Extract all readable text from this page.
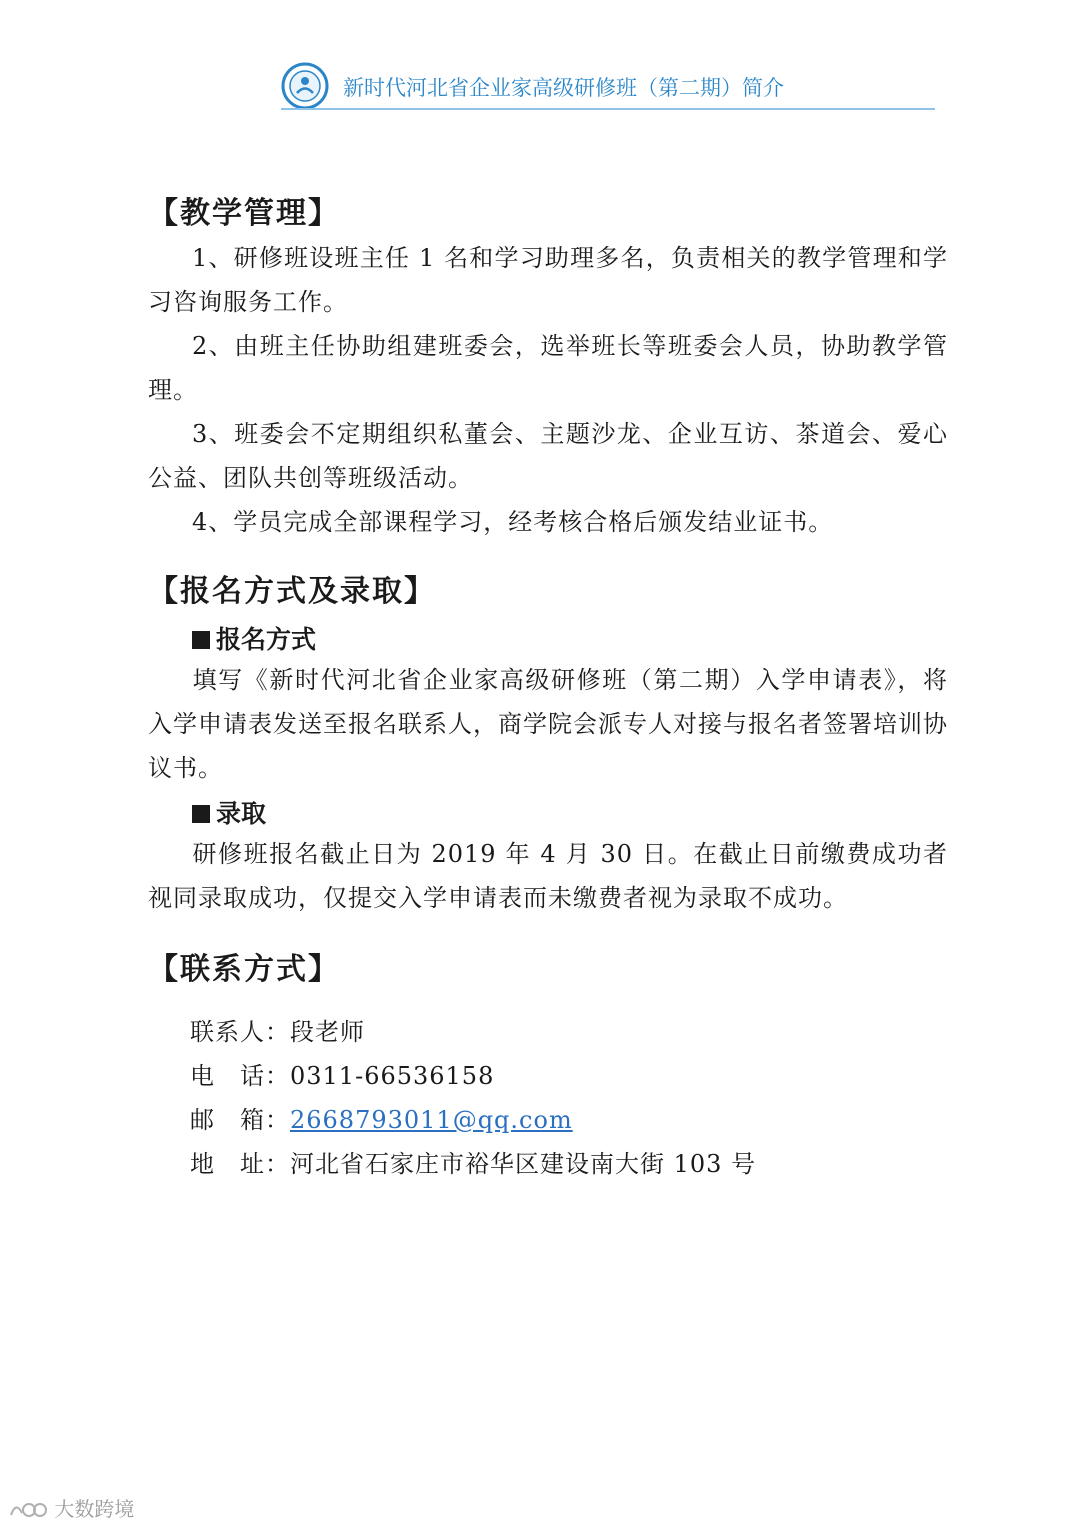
新时代河北省企业家高级研修班（第二期）简介
【教学管理】
1、研修班设班主任 1 名和学习助理多名，负责相关的教学管理和学习咨询服务工作。
2、由班主任协助组建班委会，选举班长等班委会人员，协助教学管理。
3、班委会不定期组织私董会、主题沙龙、企业互访、茶道会、爱心公益、团队共创等班级活动。
4、学员完成全部课程学习，经考核合格后颁发结业证书。
【报名方式及录取】
报名方式
填写《新时代河北省企业家高级研修班（第二期）入学申请表》，将入学申请表发送至报名联系人，商学院会派专人对接与报名者签署培训协议书。
录取
研修班报名截止日为 2019 年 4 月 30 日。在截止日前缴费成功者视同录取成功，仅提交入学申请表而未缴费者视为录取不成功。
【联系方式】
联系人：段老师
电　话：0311-66536158
邮　箱：2668793011@qq.com
地　址：河北省石家庄市裕华区建设南大街 103 号
大数跨境
